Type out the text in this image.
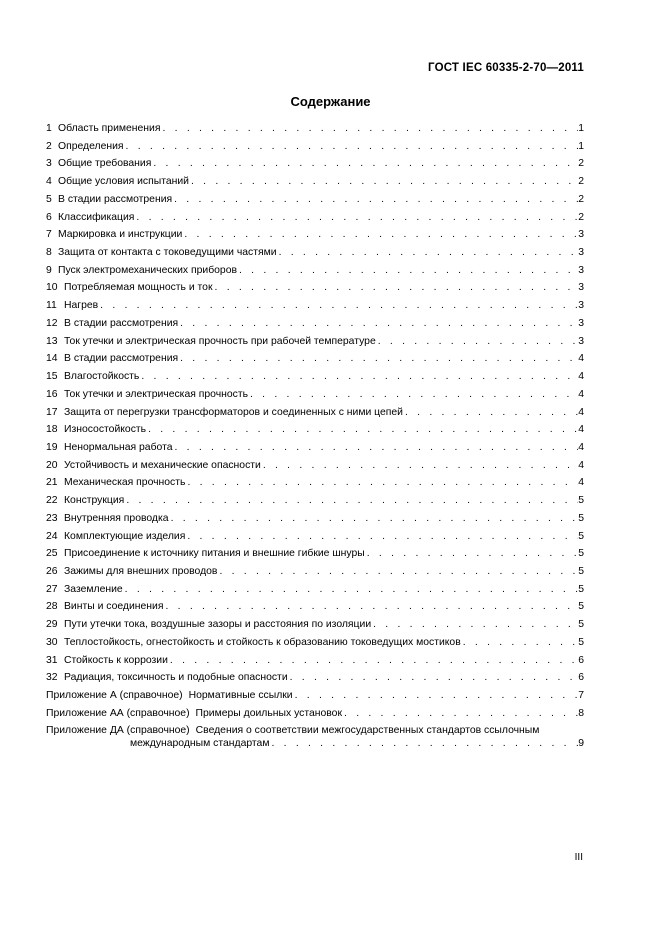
ГОСТ IEC 60335-2-70—2011
Содержание
1 Область применения . . .	1
2 Определения . . .	1
3 Общие требования . . .	2
4 Общие условия испытаний . . .	2
5 В стадии рассмотрения . . .	2
6 Классификация . . .	2
7 Маркировка и инструкции . . .	3
8 Защита от контакта с токоведущими частями . . .	3
9 Пуск электромеханических приборов . . .	3
10 Потребляемая мощность и ток . . .	3
11 Нагрев . . .	3
12 В стадии рассмотрения . . .	3
13 Ток утечки и электрическая прочность при рабочей температуре . . .	3
14 В стадии рассмотрения . . .	4
15 Влагостойкость . . .	4
16 Ток утечки и электрическая прочность . . .	4
17 Защита от перегрузки трансформаторов и соединенных с ними цепей . . .	4
18 Износостойкость . . .	4
19 Ненормальная работа . . .	4
20 Устойчивость и механические опасности . . .	4
21 Механическая прочность . . .	4
22 Конструкция . . .	5
23 Внутренняя проводка . . .	5
24 Комплектующие изделия . . .	5
25 Присоединение к источнику питания и внешние гибкие шнуры . . .	5
26 Зажимы для внешних проводов . . .	5
27 Заземление . . .	5
28 Винты и соединения . . .	5
29 Пути утечки тока, воздушные зазоры и расстояния по изоляции . . .	5
30 Теплостойкость, огнестойкость и стойкость к образованию токоведущих мостиков . . .	5
31 Стойкость к коррозии . . .	6
32 Радиация, токсичность и подобные опасности . . .	6
Приложение А (справочное) Нормативные ссылки . . .	7
Приложение АА (справочное) Примеры доильных установок . . .	8
Приложение ДА (справочное) Сведения о соответствии межгосударственных стандартов ссылочным
международным стандартам . . .	9
III
